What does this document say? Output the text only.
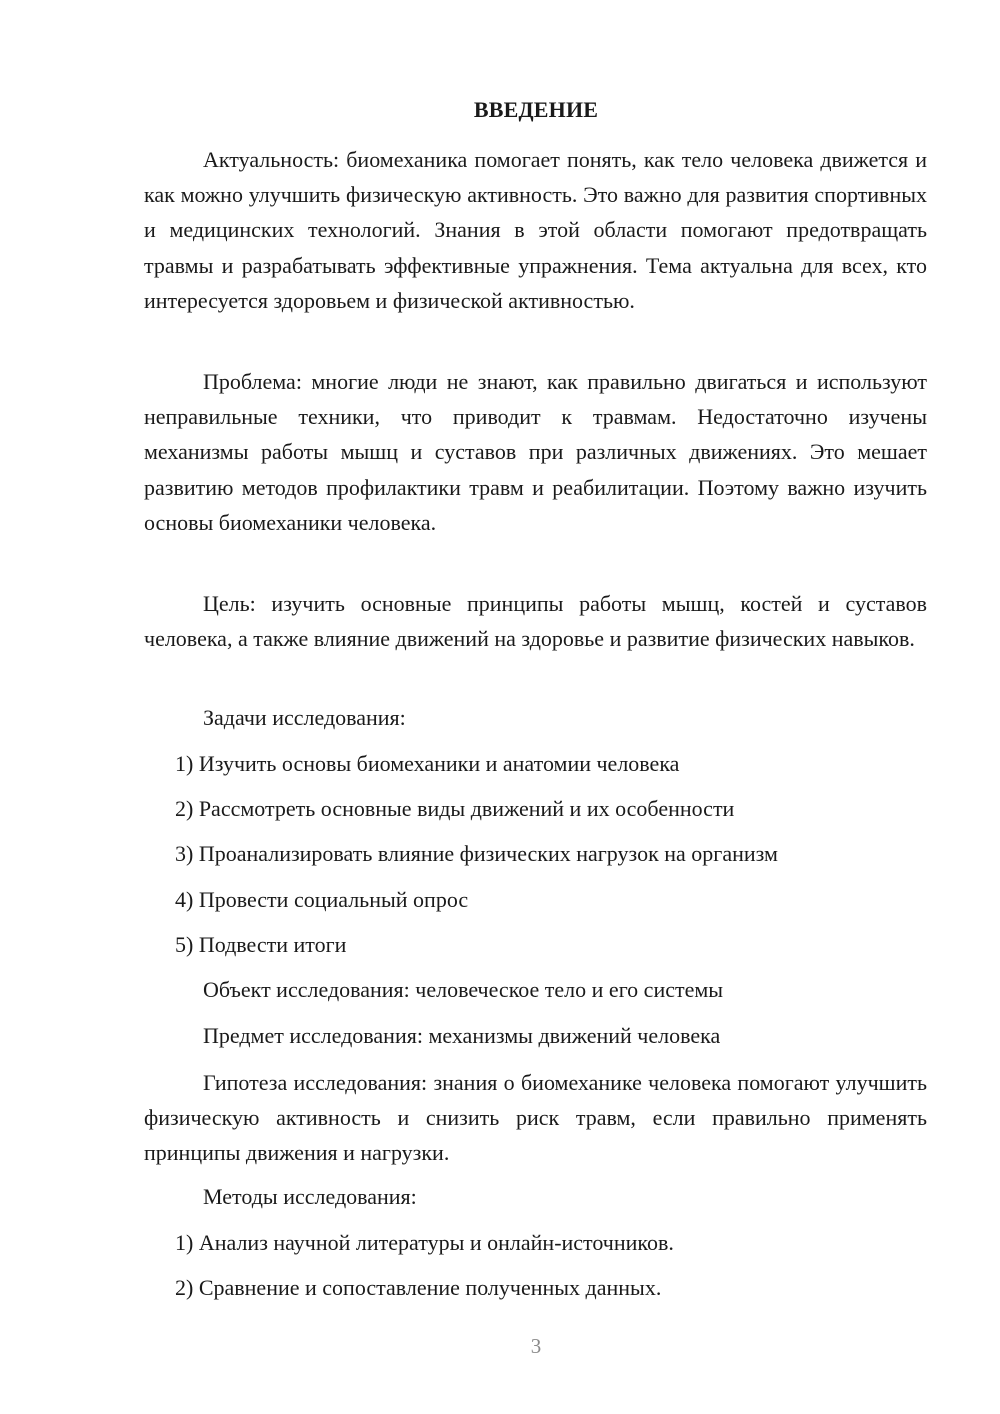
ВВЕДЕНИЕ

Актуальность: биомеханика помогает понять, как тело человека движется и как можно улучшить физическую активность. Это важно для развития спортивных и медицинских технологий. Знания в этой области помогают предотвращать травмы и разрабатывать эффективные упражнения. Тема актуальна для всех, кто интересуется здоровьем и физической активностью.

Проблема: многие люди не знают, как правильно двигаться и используют неправильные техники, что приводит к травмам. Недостаточно изучены механизмы работы мышц и суставов при различных движениях. Это мешает развитию методов профилактики травм и реабилитации. Поэтому важно изучить основы биомеханики человека.

Цель: изучить основные принципы работы мышц, костей и суставов человека, а также влияние движений на здоровье и развитие физических навыков.

Задачи исследования:

1) Изучить основы биомеханики и анатомии человека

2) Рассмотреть основные виды движений и их особенности

3) Проанализировать влияние физических нагрузок на организм

4) Провести социальный опрос

5) Подвести итоги

Объект исследования: человеческое тело и его системы

Предмет исследования: механизмы движений человека

Гипотеза исследования: знания о биомеханике человека помогают улучшить физическую активность и снизить риск травм, если правильно применять принципы движения и нагрузки.

Методы исследования:

1) Анализ научной литературы и онлайн-источников.

2) Сравнение и сопоставление полученных данных.

3
